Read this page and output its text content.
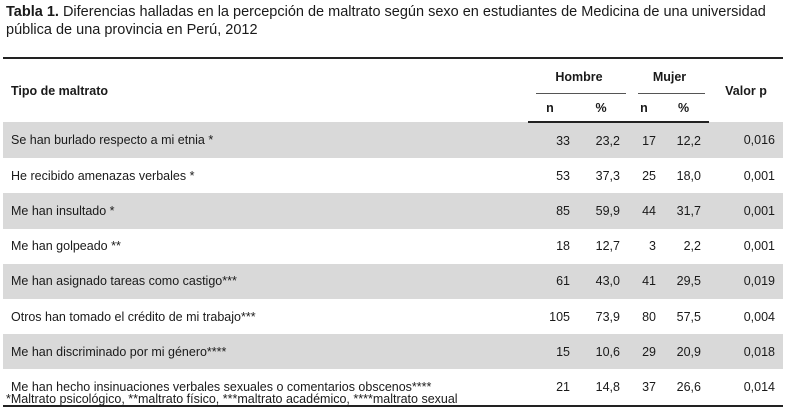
Tabla 1. Diferencias halladas en la percepción de maltrato según sexo en estudiantes de Medicina de una universidad pública de una provincia en Perú, 2012
Tipo de maltrato	Hombre		Mujer		Valor p
	n	%	n	%	
Se han burlado respecto a mi etnia *	33	23,2	17	12,2	0,016
He recibido amenazas verbales *	53	37,3	25	18,0	0,001
Me han insultado *	85	59,9	44	31,7	0,001
Me han golpeado **	18	12,7	3	2,2	0,001
Me han asignado tareas como castigo***	61	43,0	41	29,5	0,019
Otros han tomado el crédito de mi trabajo***	105	73,9	80	57,5	0,004
Me han discriminado por mi género****	15	10,6	29	20,9	0,018
Me han hecho insinuaciones verbales sexuales o comentarios obscenos****	21	14,8	37	26,6	0,014
*Maltrato psicológico, **maltrato físico, ***maltrato académico, ****maltrato sexual
